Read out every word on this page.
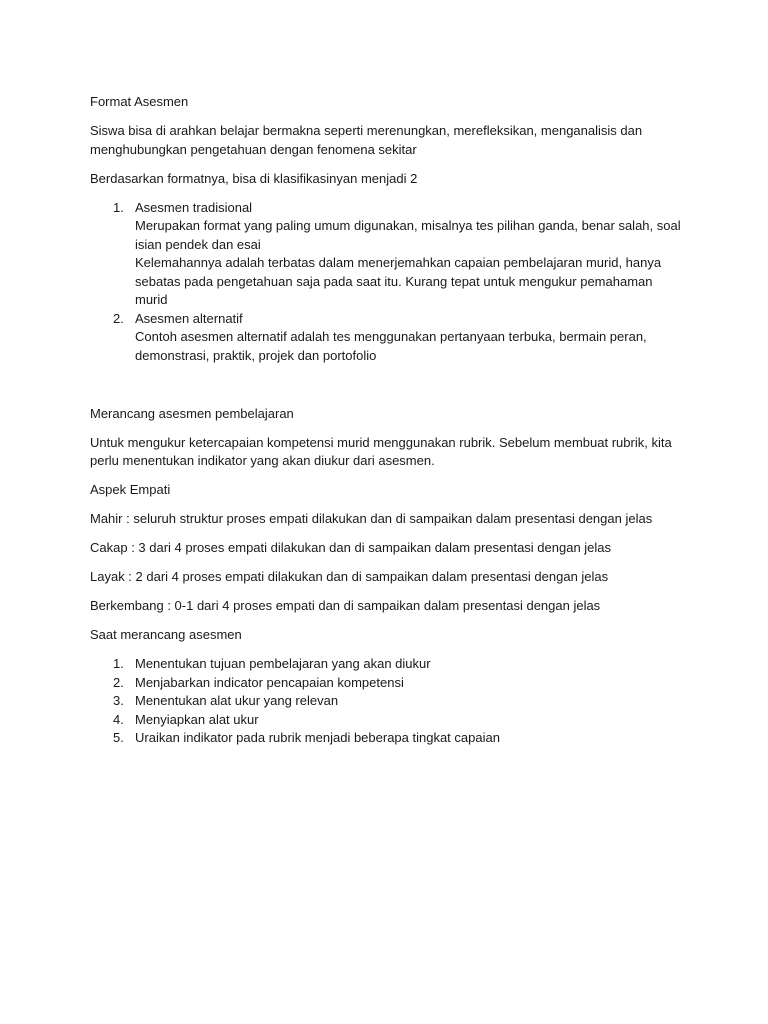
Format Asesmen

Siswa bisa di arahkan belajar bermakna seperti merenungkan, merefleksikan, menganalisis dan menghubungkan pengetahuan dengan fenomena sekitar

Berdasarkan formatnya, bisa di klasifikasinyan menjadi 2

1. Asesmen tradisional
Merupakan format yang paling umum digunakan, misalnya tes pilihan ganda, benar salah, soal isian pendek dan esai
Kelemahannya adalah terbatas dalam menerjemahkan capaian pembelajaran murid, hanya sebatas pada pengetahuan saja pada saat itu. Kurang tepat untuk mengukur pemahaman murid
2. Asesmen alternatif
Contoh asesmen alternatif adalah tes menggunakan pertanyaan terbuka, bermain peran, demonstrasi, praktik, projek dan portofolio

Merancang asesmen pembelajaran

Untuk mengukur ketercapaian kompetensi murid menggunakan rubrik. Sebelum membuat rubrik, kita perlu menentukan indikator yang akan diukur dari asesmen.

Aspek Empati

Mahir : seluruh struktur proses empati dilakukan dan di sampaikan dalam presentasi dengan jelas

Cakap : 3 dari 4 proses empati dilakukan dan di sampaikan dalam presentasi dengan jelas

Layak : 2 dari 4 proses empati dilakukan dan di sampaikan dalam presentasi dengan jelas

Berkembang : 0-1 dari 4 proses empati dan di sampaikan dalam presentasi dengan jelas

Saat merancang asesmen

1. Menentukan tujuan pembelajaran yang akan diukur
2. Menjabarkan indicator pencapaian kompetensi
3. Menentukan alat ukur yang relevan
4. Menyiapkan alat ukur
5. Uraikan indikator pada rubrik menjadi beberapa tingkat capaian
